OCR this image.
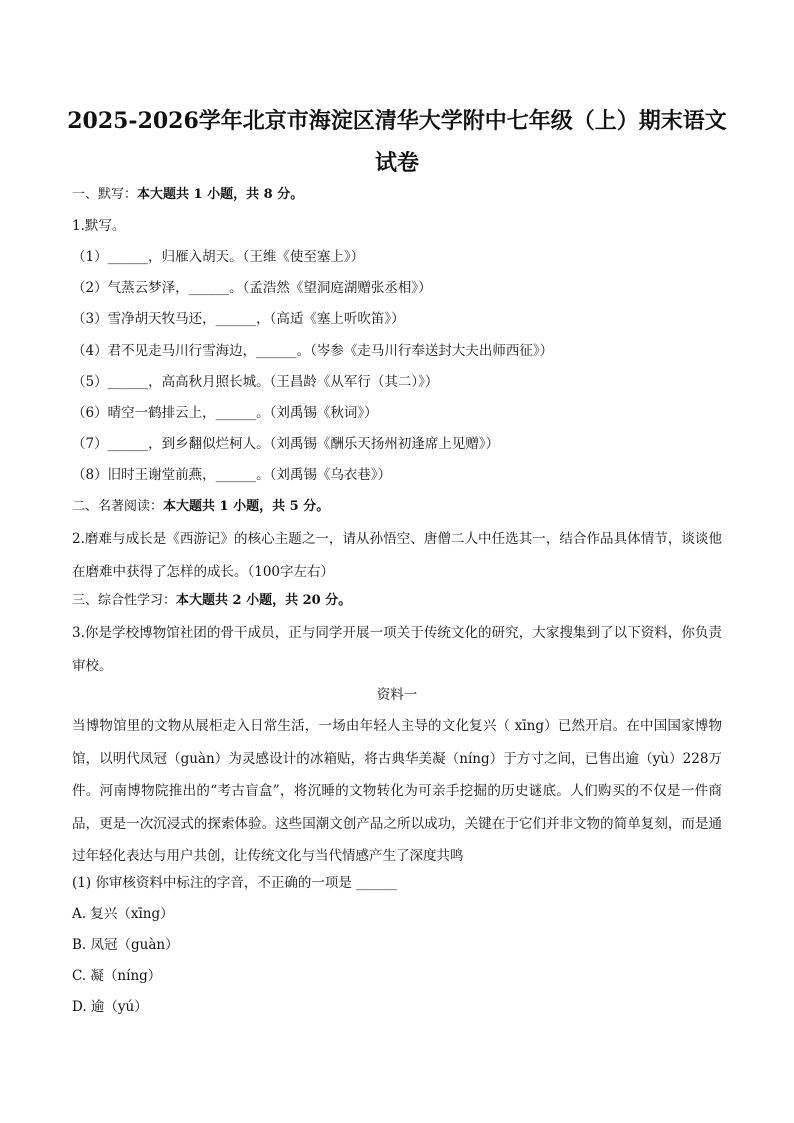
2025-2026学年北京市海淀区清华大学附中七年级（上）期末语文试卷
一、默写：本大题共 1 小题，共 8 分。
1.默写。
（1）______，归雁入胡天。（王维《使至塞上》）
（2）气蒸云梦泽，______。（孟浩然《望洞庭湖赠张丞相》）
（3）雪净胡天牧马还，______，（高适《塞上听吹笛》）
（4）君不见走马川行雪海边，______。（岑参《走马川行奉送封大夫出师西征》）
（5）______，高高秋月照长城。（王昌龄《从军行（其二）》）
（6）晴空一鹤排云上，______。（刘禹锡《秋词》）
（7）______，到乡翻似烂柯人。（刘禹锡《酬乐天扬州初逢席上见赠》）
（8）旧时王谢堂前燕，______。（刘禹锡《乌衣巷》）
二、名著阅读：本大题共 1 小题，共 5 分。
2.磨难与成长是《西游记》的核心主题之一，请从孙悟空、唐僧二人中任选其一，结合作品具体情节，谈谈他在磨难中获得了怎样的成长。（100字左右）
三、综合性学习：本大题共 2 小题，共 20 分。
3.你是学校博物馆社团的骨干成员，正与同学开展一项关于传统文化的研究，大家搜集到了以下资料，你负责审校。
资料一
当博物馆里的文物从展柜走入日常生活，一场由年轻人主导的文化复兴（ xīng）已然开启。在中国国家博物馆，以明代凤冠（guàn）为灵感设计的冰箱贴，将古典华美凝（níng）于方寸之间，已售出逾（yù）228万件。河南博物院推出的“考古盲盒”，将沉睡的文物转化为可亲手挖掘的历史谜底。人们购买的不仅是一件商品，更是一次沉浸式的探索体验。这些国潮文创产品之所以成功，关键在于它们并非文物的简单复刻，而是通过年轻化表达与用户共创，让传统文化与当代情感产生了深度共鸣
(1) 你审核资料中标注的字音，不正确的一项是 ______
A. 复兴（xīng）
B. 凤冠（guàn）
C. 凝（níng）
D. 逾（yú）
